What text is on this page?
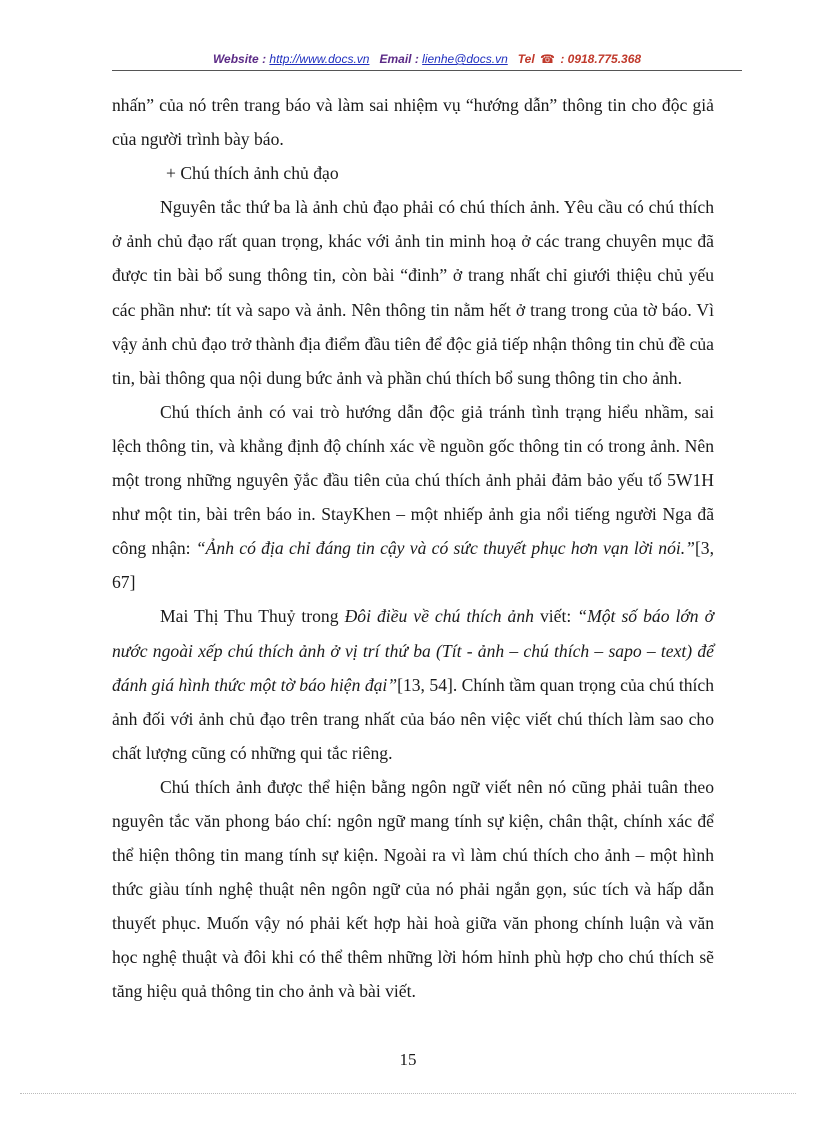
Website : http://www.docs.vn Email : lienhe@docs.vn Tel ☎ : 0918.775.368

nhấn” của nó trên trang báo và làm sai nhiệm vụ “hướng dẫn” thông tin cho độc giả của người trình bày báo.

+ Chú thích ảnh chủ đạo

Nguyên tắc thứ ba là ảnh chủ đạo phải có chú thích ảnh. Yêu cầu có chú thích ở ảnh chủ đạo rất quan trọng, khác với ảnh tin minh hoạ ở các trang chuyên mục đã được tin bài bổ sung thông tin, còn bài “đinh” ở trang nhất chỉ giưới thiệu chủ yếu các phần như: tít và sapo và ảnh. Nên thông tin nằm hết ở trang trong của tờ báo. Vì vậy ảnh chủ đạo trở thành địa điểm đầu tiên để độc giả tiếp nhận thông tin chủ đề của tin, bài thông qua nội dung bức ảnh và phần chú thích bổ sung thông tin cho ảnh.

Chú thích ảnh có vai trò hướng dẫn độc giả tránh tình trạng hiểu nhầm, sai lệch thông tin, và khẳng định độ chính xác về nguồn gốc thông tin có trong ảnh. Nên một trong những nguyên ỹắc đầu tiên của chú thích ảnh phải đảm bảo yếu tố 5W1H như một tin, bài trên báo in. StayKhen – một nhiếp ảnh gia nổi tiếng người Nga đã công nhận: “Ảnh có địa chỉ đáng tin cậy và có sức thuyết phục hơn vạn lời nói.”[3, 67]

Mai Thị Thu Thuỷ trong Đôi điều về chú thích ảnh viết: “Một số báo lớn ở nước ngoài xếp chú thích ảnh ở vị trí thứ ba (Tít - ảnh – chú thích – sapo – text) để đánh giá hình thức một tờ báo hiện đại”[13, 54]. Chính tầm quan trọng của chú thích ảnh đối với ảnh chủ đạo trên trang nhất của báo nên việc viết chú thích làm sao cho chất lượng cũng có những qui tắc riêng.

Chú thích ảnh được thể hiện bằng ngôn ngữ viết nên nó cũng phải tuân theo nguyên tắc văn phong báo chí: ngôn ngữ mang tính sự kiện, chân thật, chính xác để thể hiện thông tin mang tính sự kiện. Ngoài ra vì làm chú thích cho ảnh – một hình thức giàu tính nghệ thuật nên ngôn ngữ của nó phải ngắn gọn, súc tích và hấp dẫn thuyết phục. Muốn vậy nó phải kết hợp hài hoà giữa văn phong chính luận và văn học nghệ thuật và đôi khi có thể thêm những lời hóm hỉnh phù hợp cho chú thích sẽ tăng hiệu quả thông tin cho ảnh và bài viết.

15
